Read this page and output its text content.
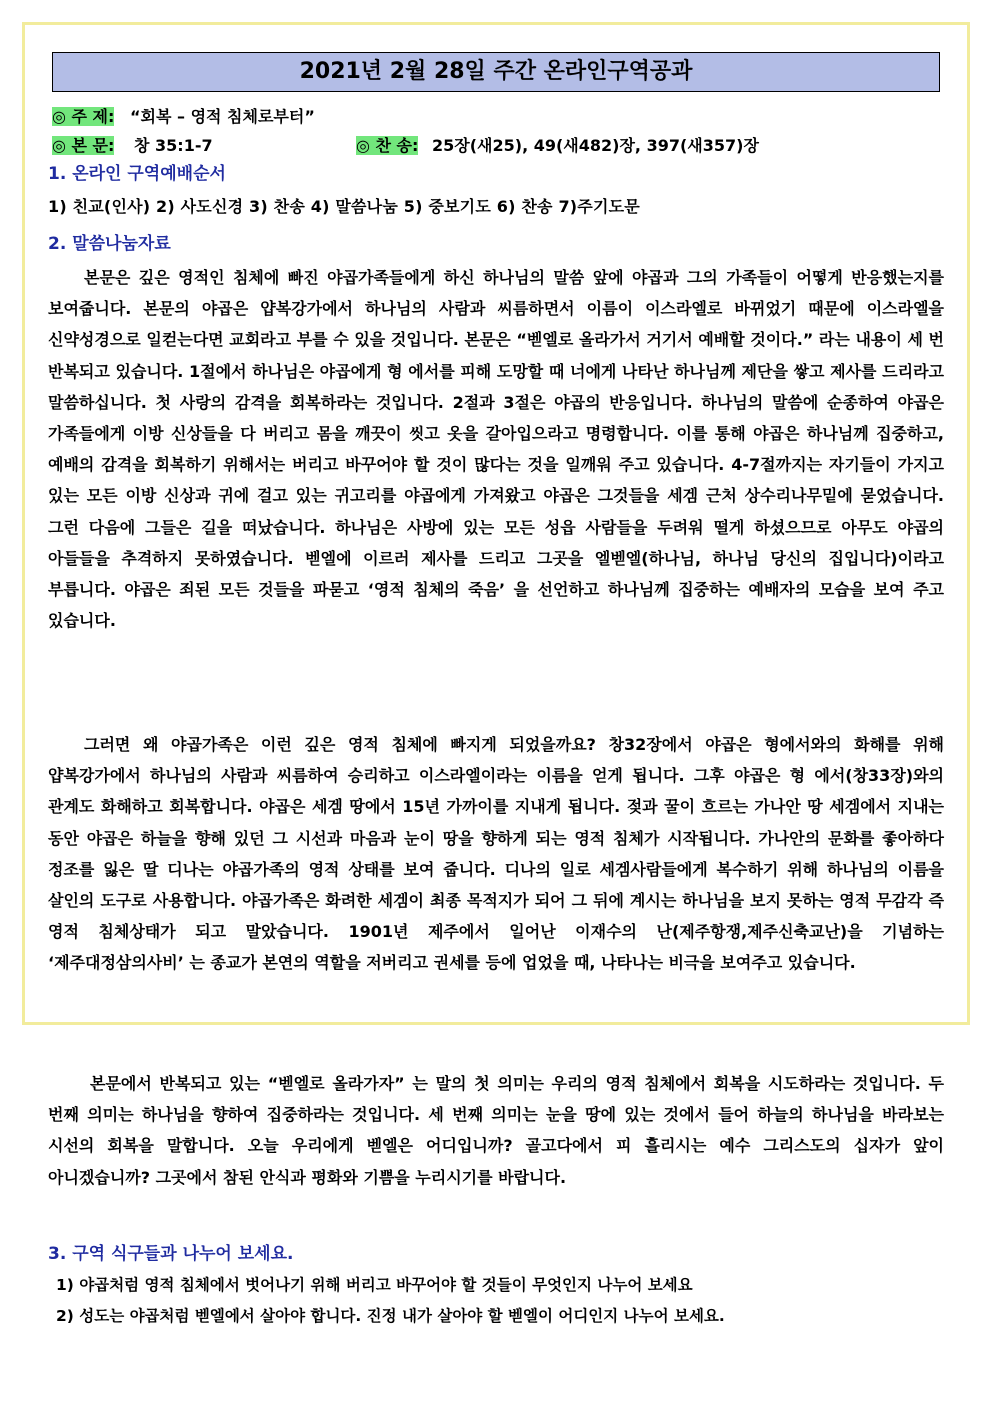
2021년 2월 28일 주간 온라인구역공과
◎ 주 제: “회복 – 영적 침체로부터”
◎ 본 문: 창 35:1-7	◎ 찬 송: 25장(새25), 49(새482)장, 397(새357)장
1. 온라인 구역예배순서
1) 친교(인사) 2) 사도신경 3) 찬송 4) 말씀나눔 5) 중보기도 6) 찬송 7)주기도문
2. 말씀나눔자료

본문은 깊은 영적인 침체에 빠진 야곱가족들에게 하신 하나님의 말씀 앞에 야곱과 그의 가족들이 어떻게 반응했는지를 보여줍니다. 본문의 야곱은 얍복강가에서 하나님의 사람과 씨름하면서 이름이 이스라엘로 바뀌었기 때문에 이스라엘을 신약성경으로 일컫는다면 교회라고 부를 수 있을 것입니다. 본문은 “벧엘로 올라가서 거기서 예배할 것이다.” 라는 내용이 세 번 반복되고 있습니다. 1절에서 하나님은 야곱에게 형 에서를 피해 도망할 때 너에게 나타난 하나님께 제단을 쌓고 제사를 드리라고 말씀하십니다. 첫 사랑의 감격을 회복하라는 것입니다. 2절과 3절은 야곱의 반응입니다. 하나님의 말씀에 순종하여 야곱은 가족들에게 이방 신상들을 다 버리고 몸을 깨끗이 씻고 옷을 갈아입으라고 명령합니다. 이를 통해 야곱은 하나님께 집중하고, 예배의 감격을 회복하기 위해서는 버리고 바꾸어야 할 것이 많다는 것을 일깨워 주고 있습니다. 4-7절까지는 자기들이 가지고 있는 모든 이방 신상과 귀에 걸고 있는 귀고리를 야곱에게 가져왔고 야곱은 그것들을 세겜 근처 상수리나무밑에 묻었습니다. 그런 다음에 그들은 길을 떠났습니다. 하나님은 사방에 있는 모든 성읍 사람들을 두려워 떨게 하셨으므로 아무도 야곱의 아들들을 추격하지 못하였습니다. 벧엘에 이르러 제사를 드리고 그곳을 엘벧엘(하나님, 하나님 당신의 집입니다)이라고 부릅니다. 야곱은 죄된 모든 것들을 파묻고 ‘영적 침체의 죽음’ 을 선언하고 하나님께 집중하는 예배자의 모습을 보여 주고 있습니다.

그러면 왜 야곱가족은 이런 깊은 영적 침체에 빠지게 되었을까요? 창32장에서 야곱은 형에서와의 화해를 위해 얍복강가에서 하나님의 사람과 씨름하여 승리하고 이스라엘이라는 이름을 얻게 됩니다. 그후 야곱은 형 에서(창33장)와의 관계도 화해하고 회복합니다. 야곱은 세겜 땅에서 15년 가까이를 지내게 됩니다. 젖과 꿀이 흐르는 가나안 땅 세겜에서 지내는 동안 야곱은 하늘을 향해 있던 그 시선과 마음과 눈이 땅을 향하게 되는 영적 침체가 시작됩니다. 가나안의 문화를 좋아하다 정조를 잃은 딸 디나는 야곱가족의 영적 상태를 보여 줍니다. 디나의 일로 세겜사람들에게 복수하기 위해 하나님의 이름을 살인의 도구로 사용합니다. 야곱가족은 화려한 세겜이 최종 목적지가 되어 그 뒤에 계시는 하나님을 보지 못하는 영적 무감각 즉 영적 침체상태가 되고 말았습니다. 1901년 제주에서 일어난 이재수의 난(제주항쟁,제주신축교난)을 기념하는 ‘제주대정삼의사비’ 는 종교가 본연의 역할을 저버리고 권세를 등에 업었을 때, 나타나는 비극을 보여주고 있습니다.

본문에서 반복되고 있는 “벧엘로 올라가자” 는 말의 첫 의미는 우리의 영적 침체에서 회복을 시도하라는 것입니다. 두 번째 의미는 하나님을 향하여 집중하라는 것입니다. 세 번째 의미는 눈을 땅에 있는 것에서 들어 하늘의 하나님을 바라보는 시선의 회복을 말합니다. 오늘 우리에게 벧엘은 어디입니까? 골고다에서 피 흘리시는 예수 그리스도의 십자가 앞이 아니겠습니까? 그곳에서 참된 안식과 평화와 기쁨을 누리시기를 바랍니다.

3. 구역 식구들과 나누어 보세요.
1) 야곱처럼 영적 침체에서 벗어나기 위해 버리고 바꾸어야 할 것들이 무엇인지 나누어 보세요
2) 성도는 야곱처럼 벧엘에서 살아야 합니다. 진정 내가 살아야 할 벧엘이 어디인지 나누어 보세요.
